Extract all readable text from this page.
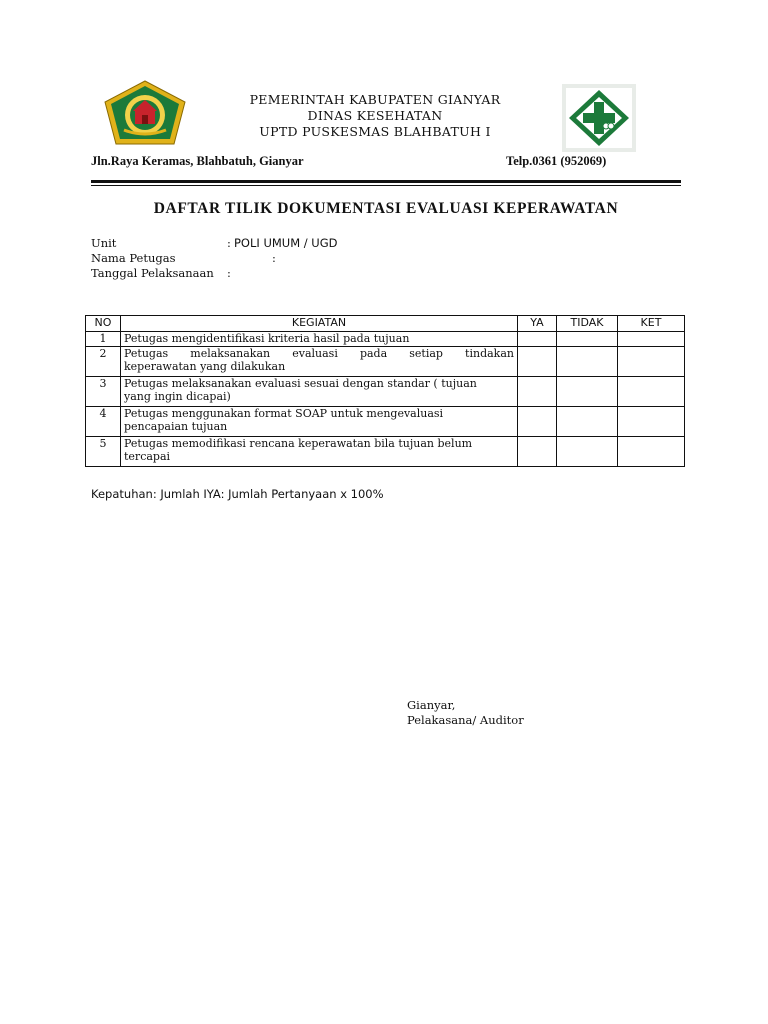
PEMERINTAH KABUPATEN GIANYAR
DINAS KESEHATAN
UPTD PUSKESMAS BLAHBATUH I
Jln.Raya Keramas, Blahbatuh, Gianyar	Telp.0361 (952069)
DAFTAR TILIK DOKUMENTASI EVALUASI KEPERAWATAN
Unit	: POLI UMUM / UGD
Nama Petugas	:
Tanggal Pelaksanaan :
NO	KEGIATAN	YA	TIDAK	KET
1	Petugas mengidentifikasi kriteria hasil pada tujuan			

2	Petugas melaksanakan evaluasi pada setiap tindakan
keperawatan yang dilakukan			

3	Petugas melaksanakan evaluasi sesuai dengan standar ( tujuan
yang ingin dicapai)			

4	Petugas menggunakan format SOAP untuk mengevaluasi
pencapaian tujuan			

5	Petugas memodifikasi rencana keperawatan bila tujuan belum
tercapai			

Kepatuhan: Jumlah IYA: Jumlah Pertanyaan x 100%
Gianyar,
Pelakasana/ Auditor
